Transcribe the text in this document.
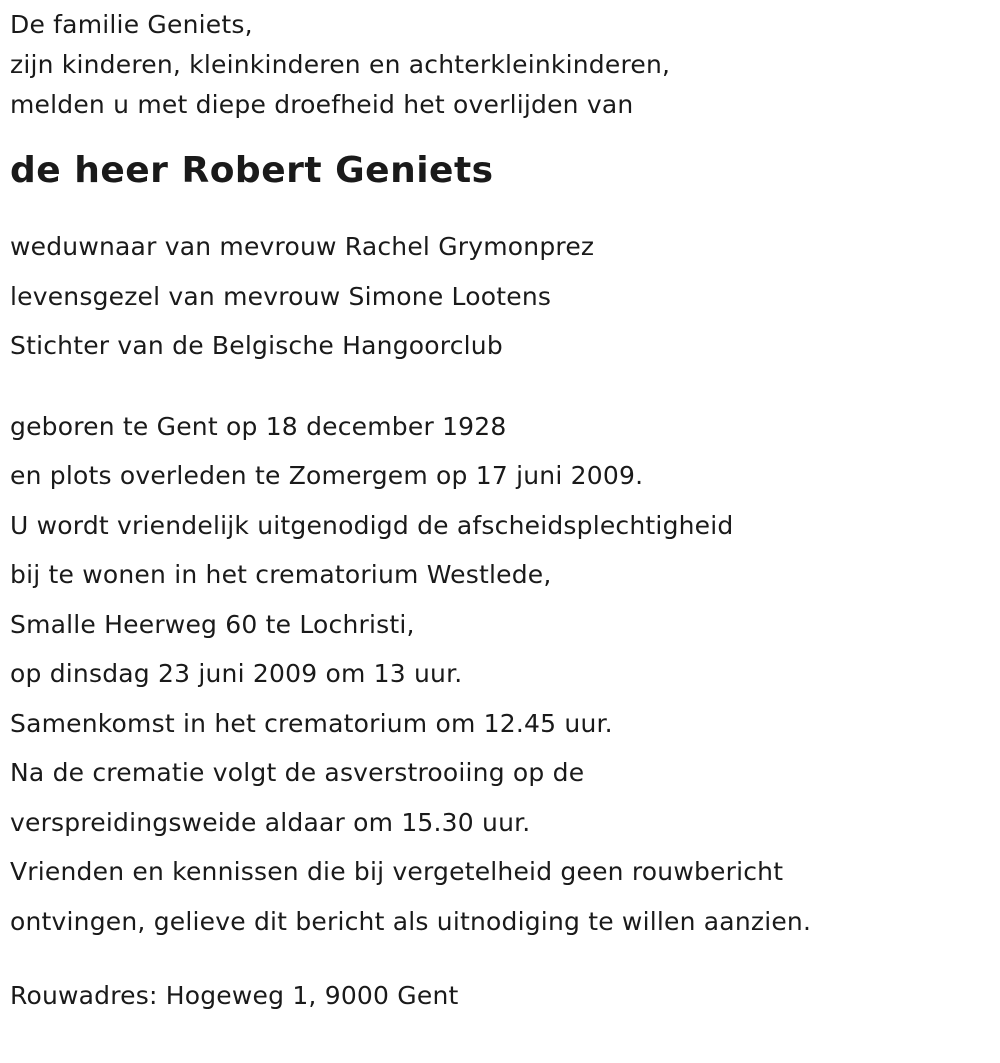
De familie Geniets,
zijn kinderen, kleinkinderen en achterkleinkinderen,
melden u met diepe droefheid het overlijden van
de heer Robert Geniets
weduwnaar van mevrouw Rachel Grymonprez
levensgezel van mevrouw Simone Lootens
Stichter van de Belgische Hangoorclub
geboren te Gent op 18 december 1928
en plots overleden te Zomergem op 17 juni 2009.
U wordt vriendelijk uitgenodigd de afscheidsplechtigheid
bij te wonen in het crematorium Westlede,
Smalle Heerweg 60 te Lochristi,
op dinsdag 23 juni 2009 om 13 uur.
Samenkomst in het crematorium om 12.45 uur.
Na de crematie volgt de asverstrooiing op de
verspreidingsweide aldaar om 15.30 uur.
Vrienden en kennissen die bij vergetelheid geen rouwbericht
ontvingen, gelieve dit bericht als uitnodiging te willen aanzien.
Rouwadres: Hogeweg 1, 9000 Gent
